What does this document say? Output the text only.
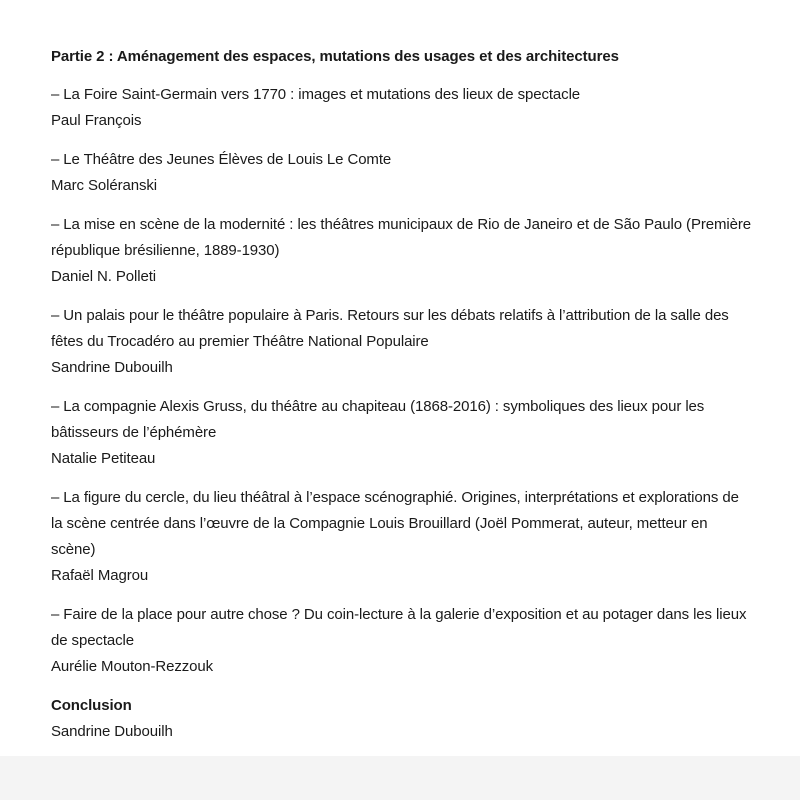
Partie 2 : Aménagement des espaces, mutations des usages et des architectures
– La Foire Saint-Germain vers 1770 : images et mutations des lieux de spectacle
Paul François
– Le Théâtre des Jeunes Élèves de Louis Le Comte
Marc Soléranski
– La mise en scène de la modernité : les théâtres municipaux de Rio de Janeiro et de São Paulo (Première république brésilienne, 1889-1930)
Daniel N. Polleti
– Un palais pour le théâtre populaire à Paris. Retours sur les débats relatifs à l’attribution de la salle des fêtes du Trocadéro au premier Théâtre National Populaire
Sandrine Dubouilh
– La compagnie Alexis Gruss, du théâtre au chapiteau (1868-2016) : symboliques des lieux pour les bâtisseurs de l’éphémère
Natalie Petiteau
– La figure du cercle, du lieu théâtral à l’espace scénographié. Origines, interprétations et explorations de la scène centrée dans l’œuvre de la Compagnie Louis Brouillard (Joël Pommerat, auteur, metteur en scène)
Rafaël Magrou
– Faire de la place pour autre chose ? Du coin-lecture à la galerie d’exposition et au potager dans les lieux de spectacle
Aurélie Mouton-Rezzouk
Conclusion
Sandrine Dubouilh
